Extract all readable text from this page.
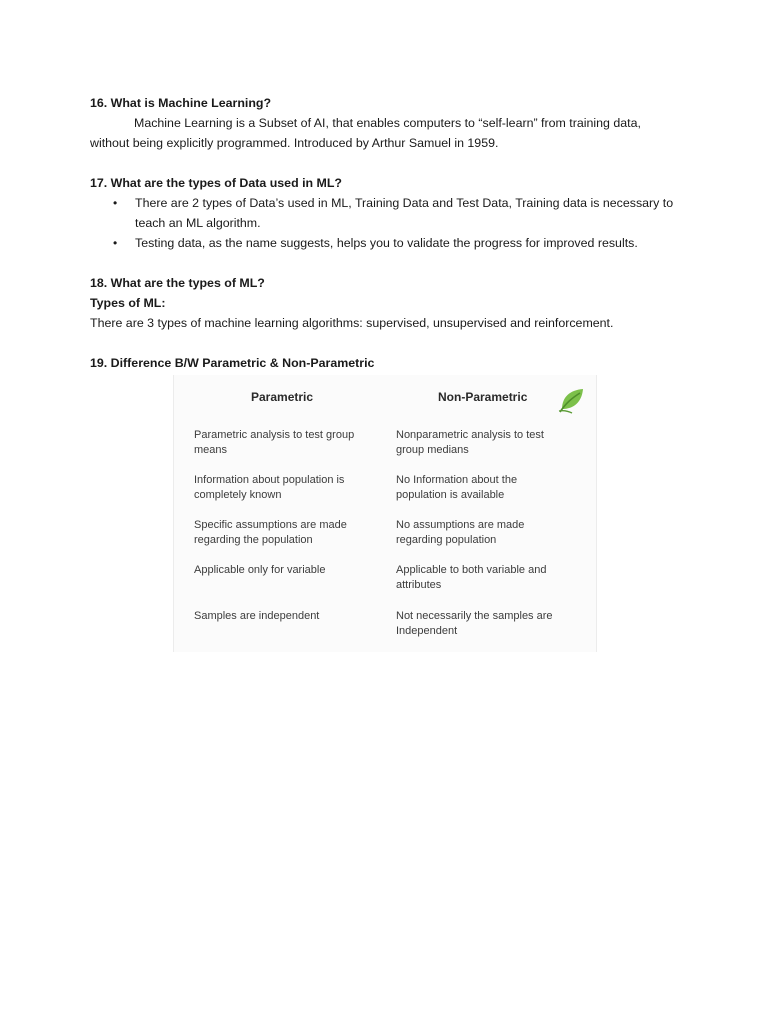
16. What is Machine Learning?

Machine Learning is a Subset of AI, that enables computers to “self-learn” from training data,

without being explicitly programmed. Introduced by Arthur Samuel in 1959.

17. What are the types of Data used in ML?

• There are 2 types of Data’s used in ML, Training Data and Test Data, Training data is necessary to
teach an ML algorithm.
• Testing data, as the name suggests, helps you to validate the progress for improved results.

18. What are the types of ML?

Types of ML:

There are 3 types of machine learning algorithms: supervised, unsupervised and reinforcement.

19. Difference B/W Parametric & Non-Parametric

Parametric
Parametric analysis to test group
means
Information about population is
completely known
Specific assumptions are made
regarding the population
Applicable only for variable
Samples are independent
Non-Parametric
Nonparametric analysis to test
group medians
No Information about the
population is available
No assumptions are made
regarding population
Applicable to both variable and
attributes
Not necessarily the samples are
Independent
